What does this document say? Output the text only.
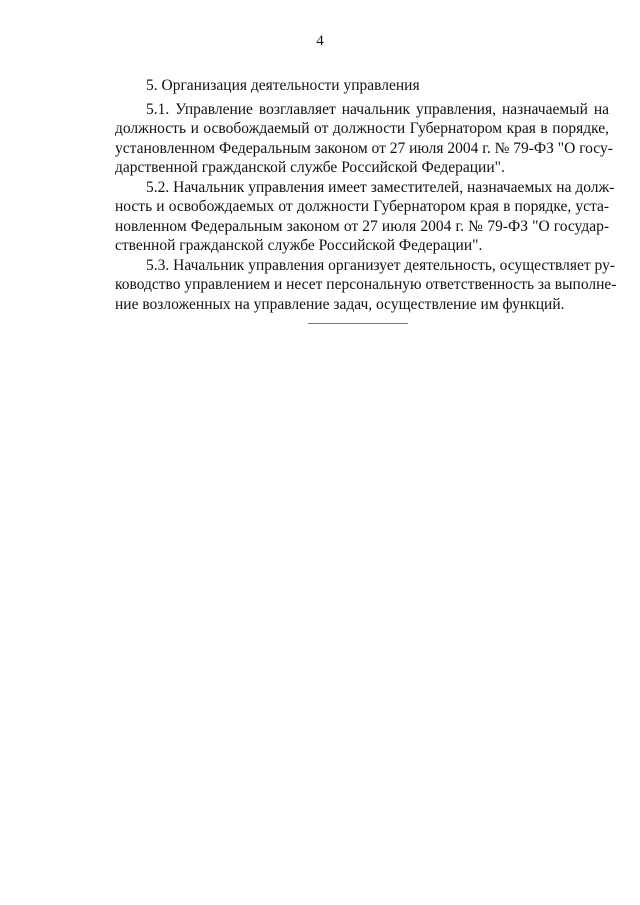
4
5. Организация деятельности управления
5.1. Управление возглавляет начальник управления, назначаемый на
должность и освобождаемый от должности Губернатором края в порядке,
установленном Федеральным законом от 27 июля 2004 г. № 79-ФЗ "О госу-
дарственной гражданской службе Российской Федерации".
5.2. Начальник управления имеет заместителей, назначаемых на долж-
ность и освобождаемых от должности Губернатором края в порядке, уста-
новленном Федеральным законом от 27 июля 2004 г. № 79-ФЗ "О государ-
ственной гражданской службе Российской Федерации".
5.3. Начальник управления организует деятельность, осуществляет ру-
ководство управлением и несет персональную ответственность за выполне-
ние возложенных на управление задач, осуществление им функций.
